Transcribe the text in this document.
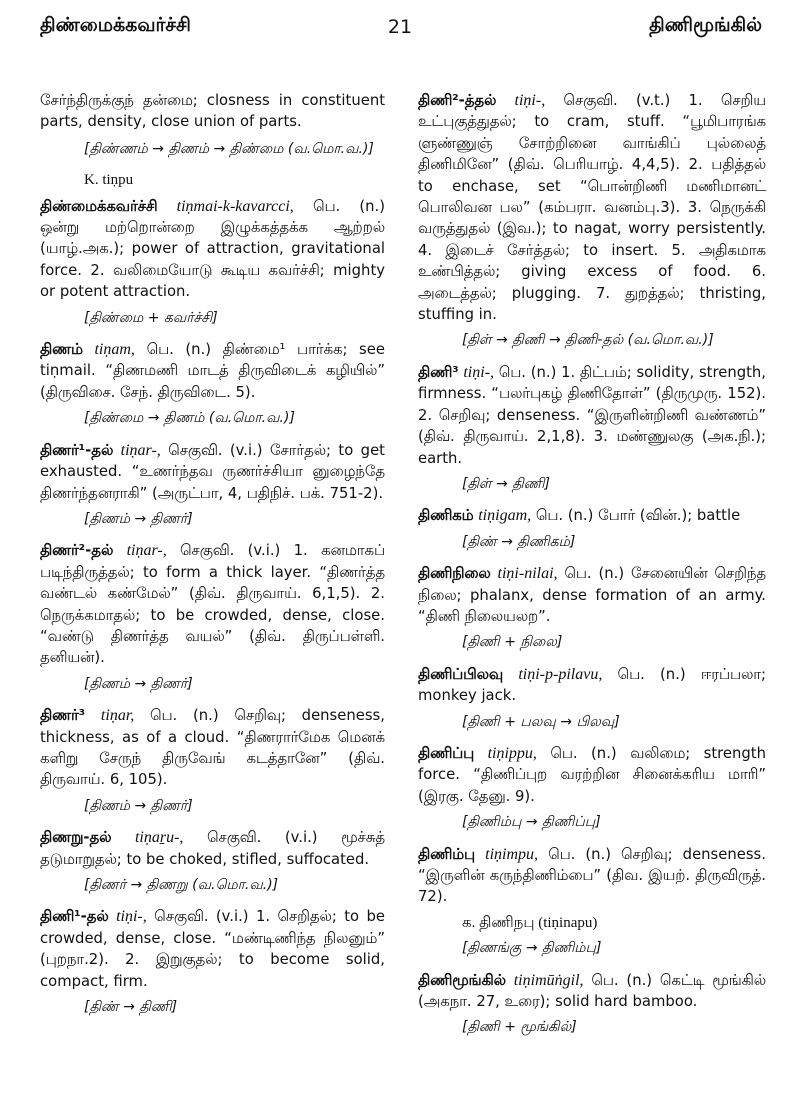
திண்மைக்கவர்ச்சி	21	திணிமூங்கில்

சேர்ந்திருக்குந் தன்மை; closness in constituent parts, density, close union of parts.

[திண்ணம் → திணம் → திண்மை (வ.மொ.வ.)]

K. tiṇpu

திண்மைக்கவர்ச்சி tiṇmai-k-kavarcci, பெ. (n.) ஒன்று மற்றொன்றை இழுக்கத்தக்க ஆற்றல் (யாழ்.அக.); power of attraction, gravitational force. 2. வலிமையோடு கூடிய கவர்ச்சி; mighty or potent attraction.

[திண்மை + கவர்ச்சி]

திணம் tiṇam, பெ. (n.) திண்மை¹ பார்க்க; see tiṇmail. “திணமணி மாடத் திருவிடைக் கழியில்” (திருவிசை. சேந். திருவிடை. 5).

[திண்மை → திணம் (வ.மொ.வ.)]

திணர்¹-தல் tiṇar-, செகுவி. (v.i.) சோர்தல்; to get exhausted. “உணர்ந்தவ ருணர்ச்சியா னுழைந்தே திணர்ந்தனராகி” (அருட்பா, 4, பதிநிச். பக். 751-2).

[திணம் → திணர்]

திணர்²-தல் tiṇar-, செகுவி. (v.i.) 1. கனமாகப் படிந்திருத்தல்; to form a thick layer. “திணர்த்த வண்டல் கண்மேல்” (திவ். திருவாய். 6,1,5). 2. நெருக்கமாதல்; to be crowded, dense, close. “வண்டு திணர்த்த வயல்” (திவ். திருப்பள்ளி. தனியன்).

[திணம் → திணர்]

திணர்³ tiṇar, பெ. (n.) செறிவு; denseness, thickness, as of a cloud. “திணரார்மேக மெனக் களிறு சேருந் திருவேங் கடத்தானே” (திவ். திருவாய். 6, 105).

[திணம் → திணர்]

திணறு-தல் tiṇaṟu-, செகுவி. (v.i.) மூச்சுத் தடுமாறுதல்; to be choked, stifled, suffocated.

[திணர் → திணறு (வ.மொ.வ.)]

திணி¹-தல் tiṇi-, செகுவி. (v.i.) 1. செறிதல்; to be crowded, dense, close. “மண்டிணிந்த நிலனும்” (புறநா.2). 2. இறுகுதல்; to become solid, compact, firm.

[திண் → திணி]

திணி²-த்தல் tiṇi-, செகுவி. (v.t.) 1. செறிய உட்புகுத்துதல்; to cram, stuff. “பூமிபாரங்க ளுண்ணுஞ் சோற்றினை வாங்கிப் புல்லைத் திணிமினே” (திவ். பெரியாழ். 4,4,5). 2. பதித்தல் to enchase, set “பொன்றிணி மணிமானட் பொலிவன பல” (கம்பரா. வனம்பு.3). 3. நெருக்கி வருத்துதல் (இவ.); to nagat, worry persistently. 4. இடைச் சேர்த்தல்; to insert. 5. அதிகமாக உண்பித்தல்; giving excess of food. 6. அடைத்தல்; plugging. 7. துறத்தல்; thristing, stuffing in.

[திள் → திணி → திணி-தல் (வ.மொ.வ.)]

திணி³ tiṇi-, பெ. (n.) 1. திட்பம்; solidity, strength, firmness. “பலர்புகழ் திணிதோள்” (திருமுரு. 152). 2. செறிவு; denseness. “இருளின்றிணி வண்ணம்” (திவ். திருவாய். 2,1,8). 3. மண்ணுலகு (அக.நி.); earth.

[திள் → திணி]

திணிகம் tiṇigam, பெ. (n.) போர் (வின்.); battle

[திண் → திணிகம்]

திணிநிலை tiṇi-nilai, பெ. (n.) சேனையின் செறிந்த நிலை; phalanx, dense formation of an army. “திணி நிலையலற”.

[திணி + நிலை]

திணிப்பிலவு tiṇi-p-pilavu, பெ. (n.) ஈரப்பலா; monkey jack.

[திணி + பலவு → பிலவு]

திணிப்பு tiṇippu, பெ. (n.) வலிமை; strength force. “திணிப்புற வரற்றின சினைக்கரிய மாரி” (இரகு. தேனு. 9).

[திணிம்பு → திணிப்பு]

திணிம்பு tiṇimpu, பெ. (n.) செறிவு; denseness. “இருளின் கருந்திணிம்பை” (திவ. இயற். திருவிருத். 72).

க. திணிநபு (tiṇinapu)

[திணங்கு → திணிம்பு]

திணிமூங்கில் tiṇimūṅgil, பெ. (n.) கெட்டி மூங்கில் (அகநா. 27, உரை); solid hard bamboo.

[திணி + மூங்கில்]
